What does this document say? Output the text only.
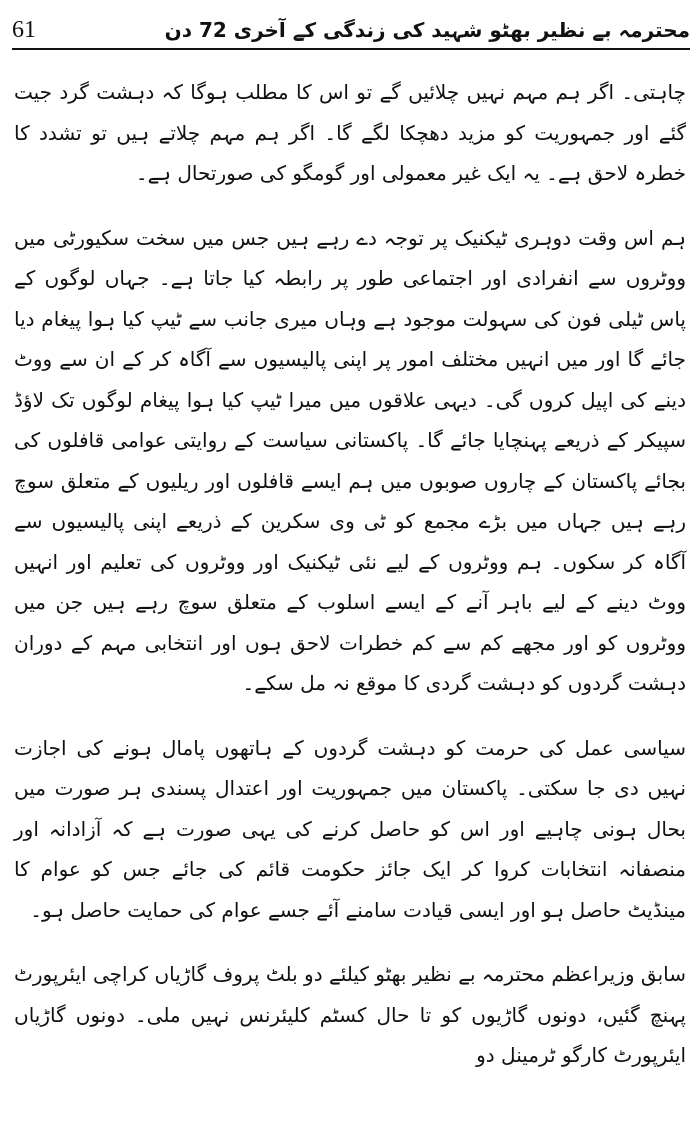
61	محترمہ بے نظیر بھٹو شہید کی زندگی کے آخری 72 دن

چاہتی۔ اگر ہم مہم نہیں چلائیں گے تو اس کا مطلب ہوگا کہ دہشت گرد جیت گئے اور جمہوریت کو مزید دھچکا لگے گا۔ اگر ہم مہم چلاتے ہیں تو تشدد کا خطرہ لاحق ہے۔ یہ ایک غیر معمولی اور گومگو کی صورتحال ہے۔

ہم اس وقت دوہری ٹیکنیک پر توجہ دے رہے ہیں جس میں سخت سکیورٹی میں ووٹروں سے انفرادی اور اجتماعی طور پر رابطہ کیا جاتا ہے۔ جہاں لوگوں کے پاس ٹیلی فون کی سہولت موجود ہے وہاں میری جانب سے ٹیپ کیا ہوا پیغام دیا جائے گا اور میں انہیں مختلف امور پر اپنی پالیسیوں سے آگاہ کر کے ان سے ووٹ دینے کی اپیل کروں گی۔ دیہی علاقوں میں میرا ٹیپ کیا ہوا پیغام لوگوں تک لاؤڈ سپیکر کے ذریعے پہنچایا جائے گا۔ پاکستانی سیاست کے روایتی عوامی قافلوں کی بجائے پاکستان کے چاروں صوبوں میں ہم ایسے قافلوں اور ریلیوں کے متعلق سوچ رہے ہیں جہاں میں بڑے مجمع کو ٹی وی سکرین کے ذریعے اپنی پالیسیوں سے آگاہ کر سکوں۔ ہم ووٹروں کے لیے نئی ٹیکنیک اور ووٹروں کی تعلیم اور انہیں ووٹ دینے کے لیے باہر آنے کے ایسے اسلوب کے متعلق سوچ رہے ہیں جن میں ووٹروں کو اور مجھے کم سے کم خطرات لاحق ہوں اور انتخابی مہم کے دوران دہشت گردوں کو دہشت گردی کا موقع نہ مل سکے۔

سیاسی عمل کی حرمت کو دہشت گردوں کے ہاتھوں پامال ہونے کی اجازت نہیں دی جا سکتی۔ پاکستان میں جمہوریت اور اعتدال پسندی ہر صورت میں بحال ہونی چاہیے اور اس کو حاصل کرنے کی یہی صورت ہے کہ آزادانہ اور منصفانہ انتخابات کروا کر ایک جائز حکومت قائم کی جائے جس کو عوام کا مینڈیٹ حاصل ہو اور ایسی قیادت سامنے آئے جسے عوام کی حمایت حاصل ہو۔

سابق وزیراعظم محترمہ بے نظیر بھٹو کیلئے دو بلٹ پروف گاڑیاں کراچی ایئرپورٹ پہنچ گئیں، دونوں گاڑیوں کو تا حال کسٹم کلیئرنس نہیں ملی۔ دونوں گاڑیاں ایئرپورٹ کارگو ٹرمینل دو
